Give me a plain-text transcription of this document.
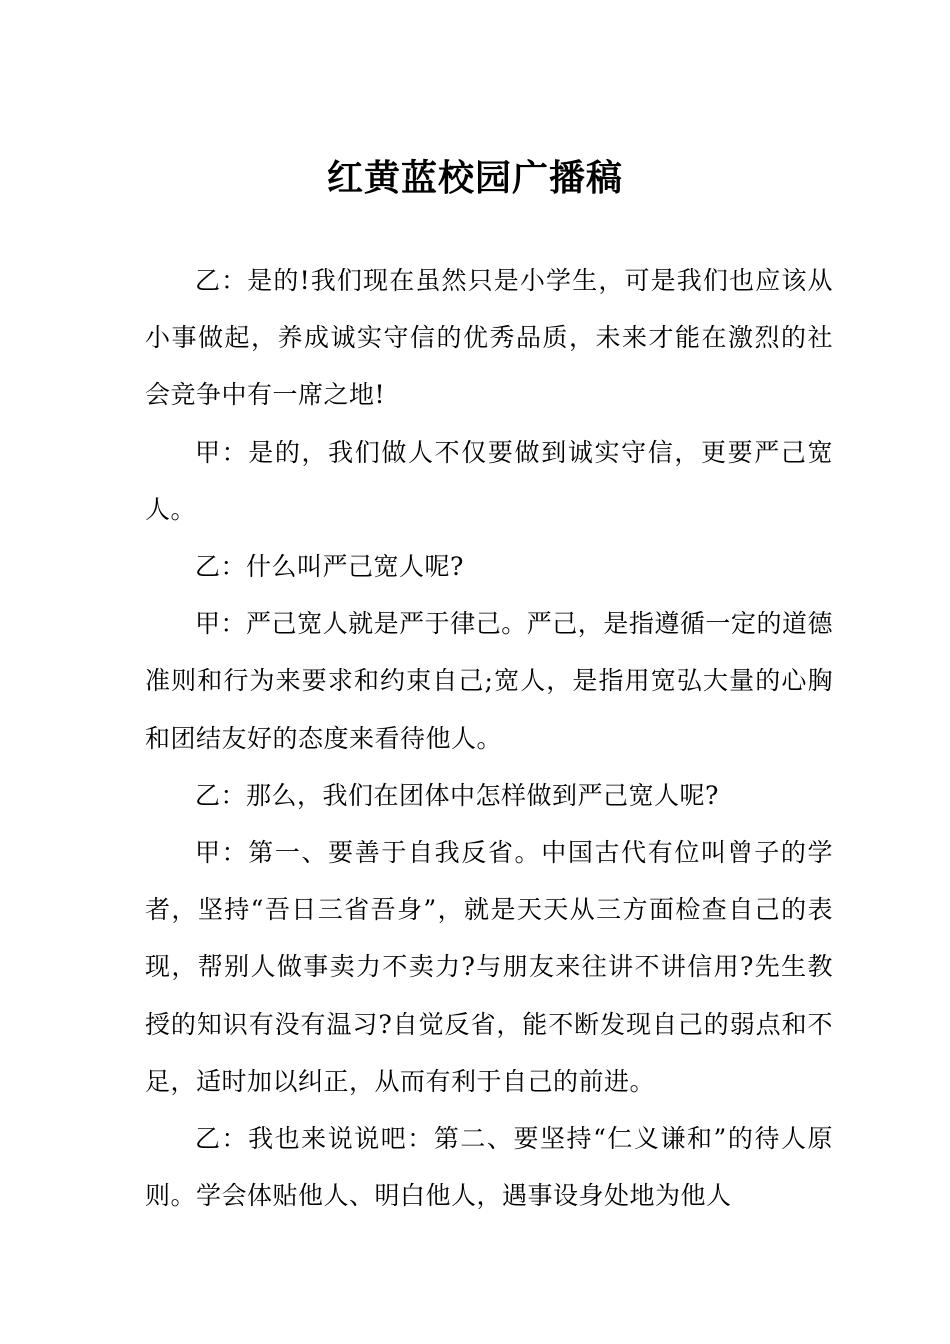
红黄蓝校园广播稿

乙：是的!我们现在虽然只是小学生，可是我们也应该从小事做起，养成诚实守信的优秀品质，未来才能在激烈的社会竞争中有一席之地!

甲：是的，我们做人不仅要做到诚实守信，更要严己宽人。

乙：什么叫严己宽人呢?

甲：严己宽人就是严于律己。严己，是指遵循一定的道德准则和行为来要求和约束自己;宽人，是指用宽弘大量的心胸和团结友好的态度来看待他人。

乙：那么，我们在团体中怎样做到严己宽人呢?

甲：第一、要善于自我反省。中国古代有位叫曾子的学者，坚持“吾日三省吾身”，就是天天从三方面检查自己的表现，帮别人做事卖力不卖力?与朋友来往讲不讲信用?先生教授的知识有没有温习?自觉反省，能不断发现自己的弱点和不足，适时加以纠正，从而有利于自己的前进。

乙：我也来说说吧：第二、要坚持“仁义谦和”的待人原则。学会体贴他人、明白他人，遇事设身处地为他人
